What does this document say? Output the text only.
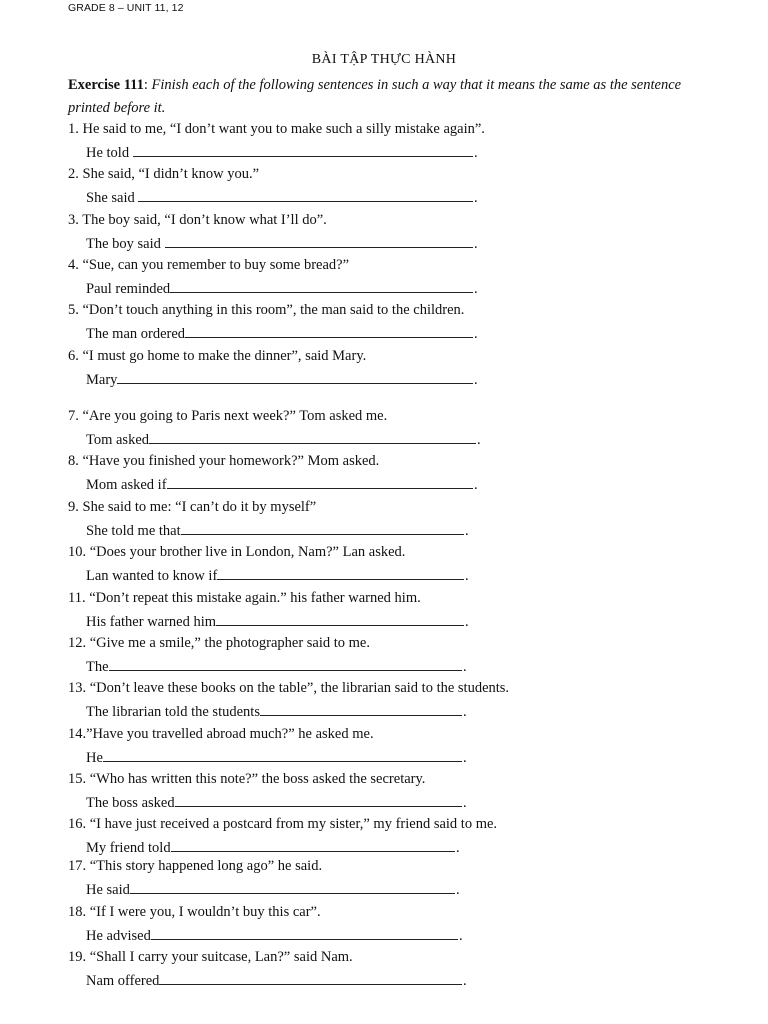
GRADE 8 – UNIT 11, 12
BÀI TẬP THỰC HÀNH
Exercise 111: Finish each of the following sentences in such a way that it means the same as the sentence printed before it.
1. He said to me, “I don’t want you to make such a silly mistake again”.
He told	.
2. She said, “I didn’t know you.”
She said	.
3. The boy said, “I don’t know what I’ll do”.
The boy said	.
4. “Sue, can you remember to buy some bread?”
Paul reminded	.
5. “Don’t touch anything in this room”, the man said to the children.
The man ordered	.
6. “I must go home to make the dinner”, said Mary.
Mary	.
7. “Are you going to Paris next week?” Tom asked me.
Tom asked	.
8. “Have you finished your homework?” Mom asked.
Mom asked if	.
9. She said to me: “I can’t do it by myself”
She told me that	.
10. “Does your brother live in London, Nam?” Lan asked.
Lan wanted to know if	.
11. “Don’t repeat this mistake again.” his father warned him.
His father warned him	.
12. “Give me a smile,” the photographer said to me.
The	.
13. “Don’t leave these books on the table”, the librarian said to the students.
The librarian told the students	.
14.”Have you travelled abroad much?” he asked me.
He	.
15. “Who has written this note?” the boss asked the secretary.
The boss asked	.
16. “I have just received a postcard from my sister,” my friend said to me.
My friend told	.
17. “This story happened long ago” he said.
He said	.
18. “If I were you, I wouldn’t buy this car”.
He advised	.
19. “Shall I carry your suitcase, Lan?” said Nam.
Nam offered	.
